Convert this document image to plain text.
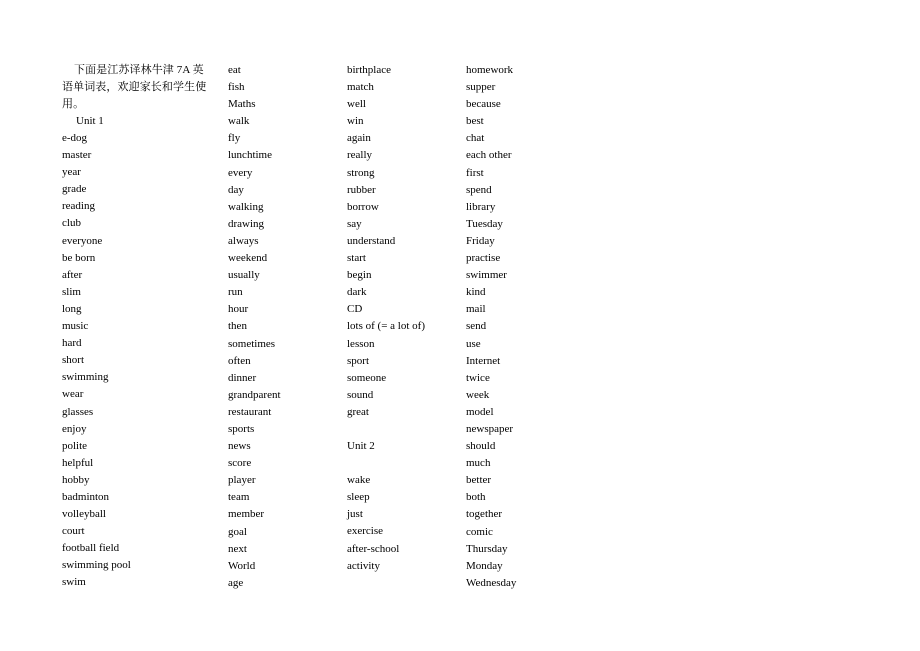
下面是江苏译林牛津 7A 英语单词表，欢迎家长和学生使用。

Unit 1
e-dog
master
year
grade
reading
club
everyone
be born
after
slim
long
music
hard
short
swimming
wear
glasses
enjoy
polite
helpful
hobby
badminton
volleyball
court
football field
swimming pool
swim
eat
fish
Maths
walk
fly
lunchtime
every
day
walking
drawing
always
weekend
usually
run
hour
then
sometimes
often
dinner
grandparent
restaurant
sports
news
score
player
team
member
goal
next
World
age
birthplace
match
well
win
again
really
strong
rubber
borrow
say
understand
start
begin
dark
CD
lots of (= a lot of)
lesson
sport
someone
sound
great
Unit 2
wake
sleep
just
exercise
after-school
activity
homework
supper
because
best
chat
each other
first
spend
library
Tuesday
Friday
practise
swimmer
kind
mail
send
use
Internet
twice
week
model
newspaper
should
much
better
both
together
comic
Thursday
Monday
Wednesday
